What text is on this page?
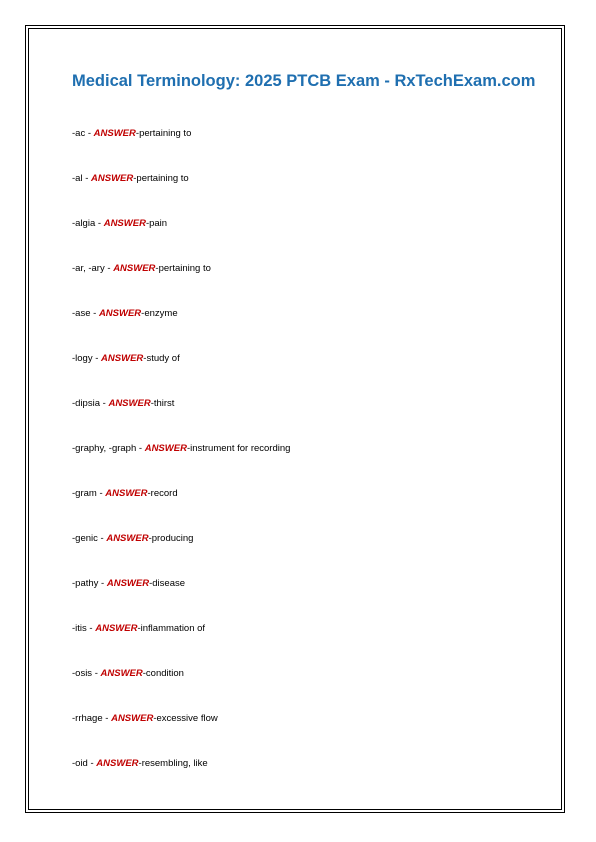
Medical Terminology: 2025 PTCB Exam - RxTechExam.com
-ac - ANSWER-pertaining to
-al - ANSWER-pertaining to
-algia - ANSWER-pain
-ar, -ary - ANSWER-pertaining to
-ase - ANSWER-enzyme
-logy - ANSWER-study of
-dipsia - ANSWER-thirst
-graphy, -graph - ANSWER-instrument for recording
-gram - ANSWER-record
-genic - ANSWER-producing
-pathy - ANSWER-disease
-itis - ANSWER-inflammation of
-osis - ANSWER-condition
-rrhage - ANSWER-excessive flow
-oid - ANSWER-resembling, like
